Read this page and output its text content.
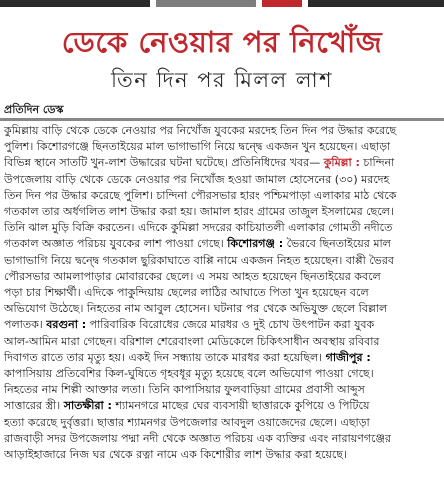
ডেকে নেওয়ার পর নিখোঁজ
তিন দিন পর মিলল লাশ
প্রতিদিন ডেস্ক
কুমিল্লায় বাড়ি থেকে ডেকে নেওয়ার পর নিখোঁজ যুবকের মরদেহ তিন দিন পর উদ্ধার করেছে
পুলিশ। কিশোরগঞ্জে ছিনতাইয়ের মাল ভাগাভাগি নিয়ে দ্বন্দ্বে একজন খুন হয়েছেন। এছাড়া
বিভিন্ন স্থানে সাতটি খুন-লাশ উদ্ধারের ঘটনা ঘটেছে। প্রতিনিধিদের খবর— কুমিল্লা : চান্দিনা
উপজেলায় বাড়ি থেকে ডেকে নেওয়ার পর নিখোঁজ হওয়া জামাল হোসেনের (৩০) মরদেহ
তিন দিন পর উদ্ধার করেছে পুলিশ। চান্দিনা পৌরসভার হারং পশ্চিমপাড়া এলাকার মাঠ থেকে
গতকাল তার অর্ধগলিত লাশ উদ্ধার করা হয়। জামাল হারং গ্রামের তাজুল ইসলামের ছেলে।
তিনি ঝাল মুড়ি বিক্রি করতেন। এদিকে কুমিল্লা সদরের কাচিয়াতলী এলাকার গোমতী নদীতে
গতকাল অজ্ঞাত পরিচয় যুবকের লাশ পাওয়া গেছে। কিশোরগঞ্জ : ভৈরবে ছিনতাইয়ের মাল
ভাগাভাগি নিয়ে দ্বন্দ্বে গতকাল ছুরিকাঘাতে বাপ্পি নামে একজন নিহত হয়েছেন। বাপ্পী ভৈরব
পৌরসভার আমলাপাড়ার মোবারকের ছেলে। এ সময় আহত হয়েছেন ছিনতাইয়ের কবলে
পড়া চার শিক্ষার্থী। এদিকে পাকুন্দিয়ায় ছেলের লাঠির আঘাতে পিতা খুন হয়েছেন বলে
অভিযোগ উঠেছে। নিহতের নাম আবুল হোসেন। ঘটনার পর থেকে অভিযুক্ত ছেলে বিল্লাল
পলাতক। বরগুনা : পারিবারিক বিরোধের জেরে মারধর ও দুই চোখ উৎপাটন করা যুবক
আল-আমিন মারা গেছেন। বরিশাল শেরেবাংলা মেডিকেলে চিকিৎসাধীন অবস্থায় রবিবার
দিবাগত রাতে তার মৃত্যু হয়। একই দিন সন্ধ্যায় তাকে মারধর করা হয়েছিল। গাজীপুর :
কাপাসিয়ায় প্রতিবেশির কিল-ঘুষিতে গৃহবধূর মৃত্যু হয়েছে বলে অভিযোগ পাওয়া গেছে।
নিহতের নাম শিল্পী আক্তার লতা। তিনি কাপাসিয়ার ফুলবাড়িয়া গ্রামের প্রবাসী আব্দুস
সাত্তারের স্ত্রী। সাতক্ষীরা : শ্যামনগরে মাছের ঘের ব্যবসায়ী ছাত্তারকে কুপিয়ে ও পিটিয়ে
হত্যা করেছে দুর্বৃত্তরা। ছাত্তার শ্যামনগর উপজেলার আবদুল ওয়াজেদের ছেলে। এছাড়া
রাজবাড়ী সদর উপজেলায় পদ্মা নদী থেকে অজ্ঞাত পরিচয় এক ব্যক্তির এবং নারায়ণগঞ্জের
আড়াইহাজারে নিজ ঘর থেকে রত্না নামে এক কিশোরীর লাশ উদ্ধার করা হয়েছে।
